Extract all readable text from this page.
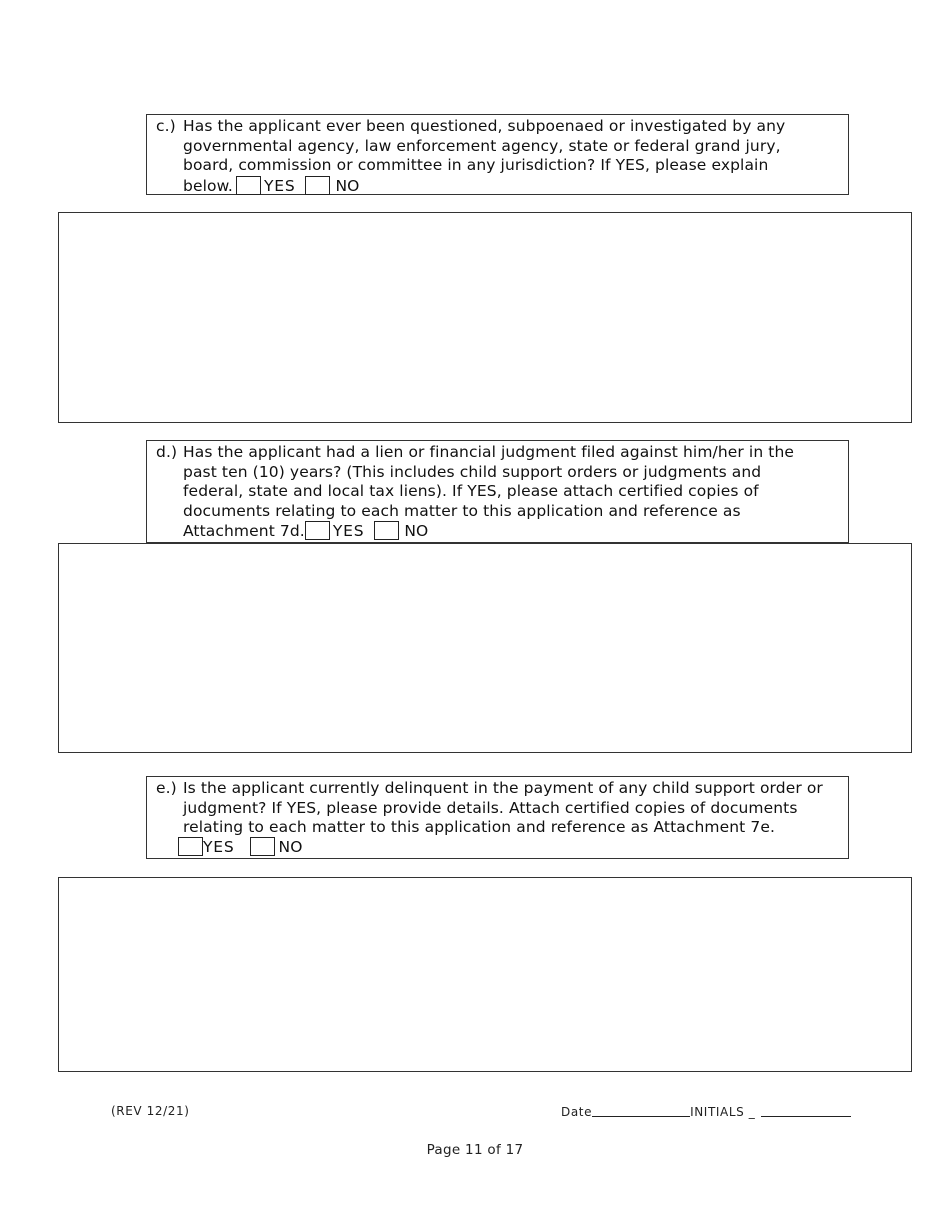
c.) Has the applicant ever been questioned, subpoenaed or investigated by any
governmental agency, law enforcement agency, state or federal grand jury,
board, commission or committee in any jurisdiction? If YES, please explain
below. YES	NO
d.) Has the applicant had a lien or financial judgment filed against him/her in the
past ten (10) years? (This includes child support orders or judgments and
federal, state and local tax liens). If YES, please attach certified copies of
documents relating to each matter to this application and reference as
Attachment 7d. YES	NO
e.) Is the applicant currently delinquent in the payment of any child support order or
judgment? If YES, please provide details. Attach certified copies of documents
relating to each matter to this application and reference as Attachment 7e.
YES	NO
(REV 12/21)	Date	INITIALS _
Page 11 of 17
